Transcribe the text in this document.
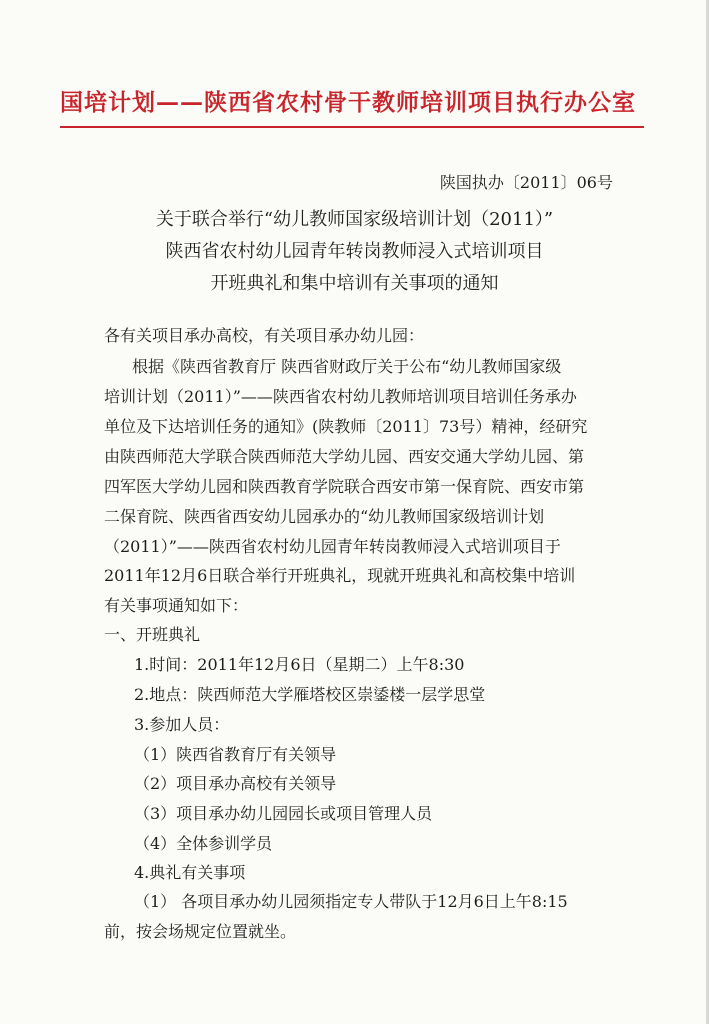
国培计划——陕西省农村骨干教师培训项目执行办公室
陕国执办〔2011〕06号
关于联合举行“幼儿教师国家级培训计划（2011）”
陕西省农村幼儿园青年转岗教师浸入式培训项目
开班典礼和集中培训有关事项的通知
各有关项目承办高校，有关项目承办幼儿园：
根据《陕西省教育厅 陕西省财政厅关于公布“幼儿教师国家级
培训计划（2011）”——陕西省农村幼儿教师培训项目培训任务承办
单位及下达培训任务的通知》(陕教师〔2011〕73号）精神，经研究
由陕西师范大学联合陕西师范大学幼儿园、西安交通大学幼儿园、第
四军医大学幼儿园和陕西教育学院联合西安市第一保育院、西安市第
二保育院、陕西省西安幼儿园承办的“幼儿教师国家级培训计划
（2011）”——陕西省农村幼儿园青年转岗教师浸入式培训项目于
2011年12月6日联合举行开班典礼，现就开班典礼和高校集中培训
有关事项通知如下：
一、开班典礼
1.时间：2011年12月6日（星期二）上午8:30
2.地点：陕西师范大学雁塔校区崇鋈楼一层学思堂
3.参加人员：
（1）陕西省教育厅有关领导
（2）项目承办高校有关领导
（3）项目承办幼儿园园长或项目管理人员
（4）全体参训学员
4.典礼有关事项
（1） 各项目承办幼儿园须指定专人带队于12月6日上午8:15
前，按会场规定位置就坐。
